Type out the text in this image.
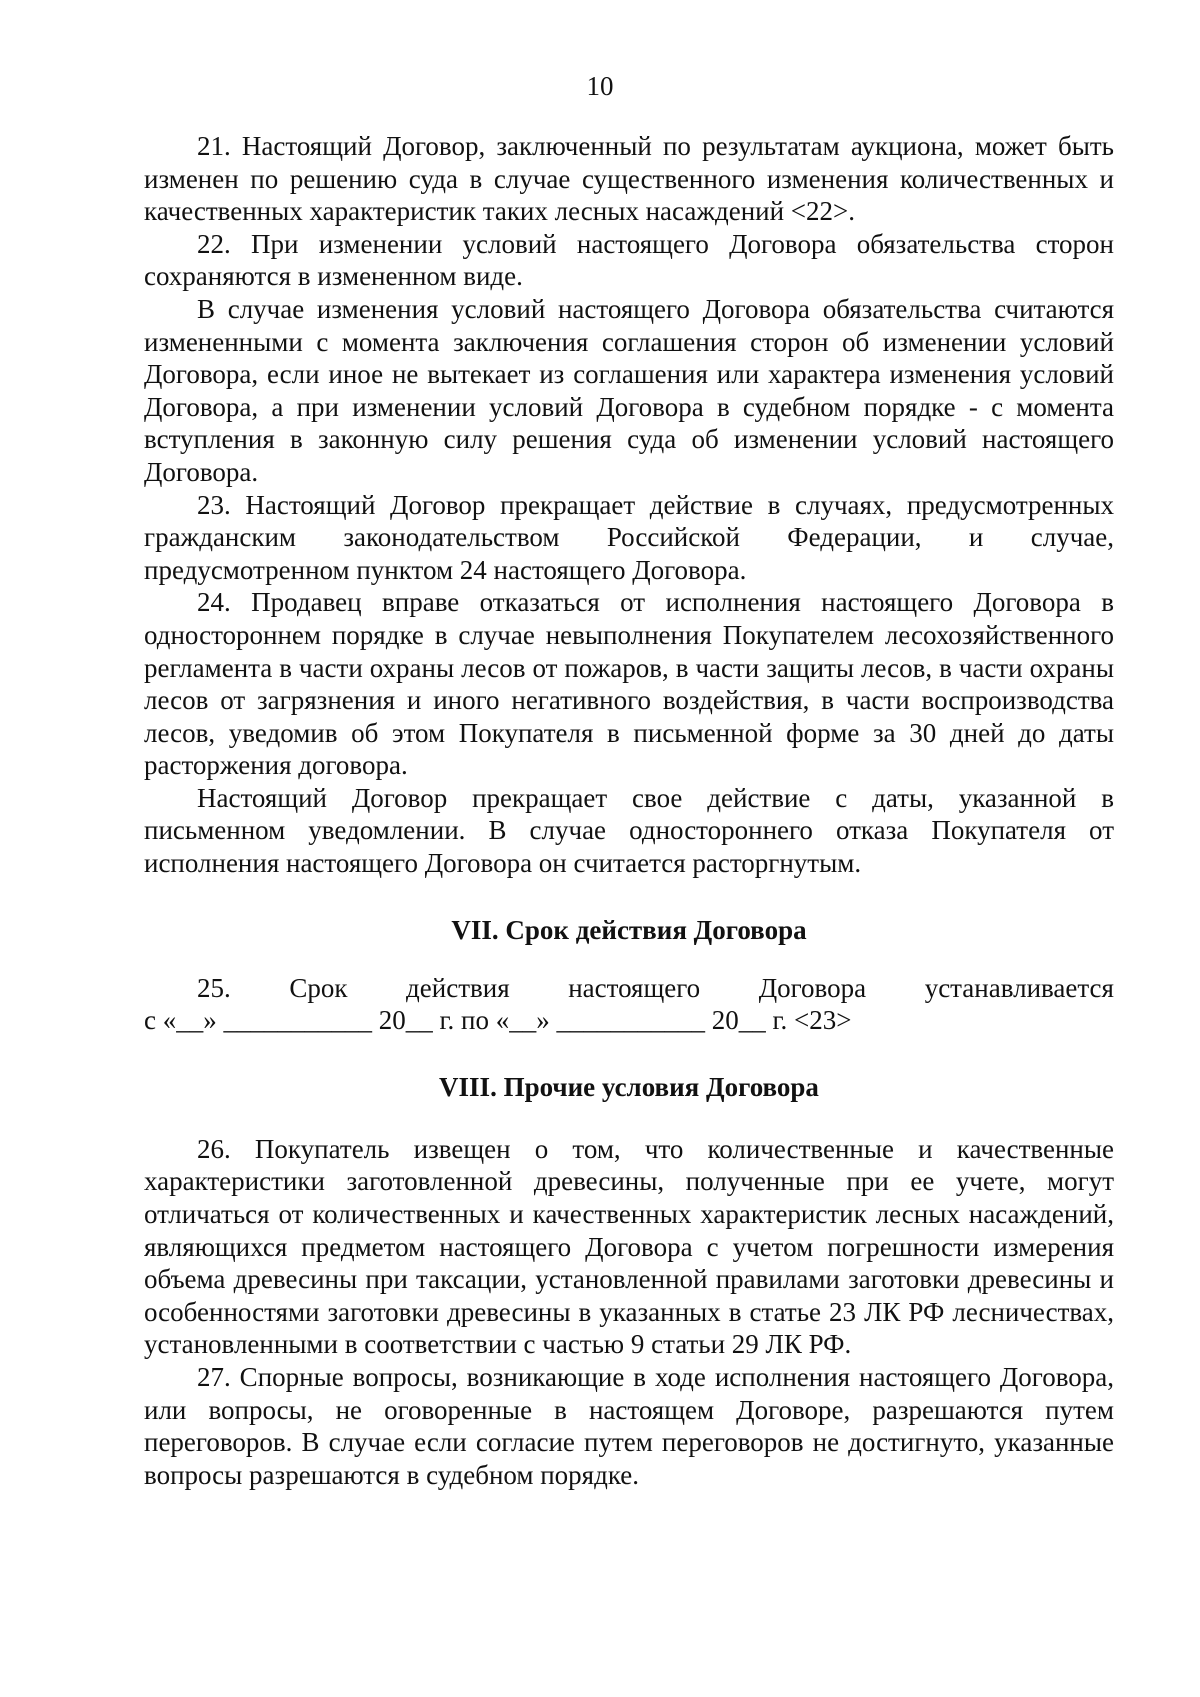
10

21. Настоящий Договор, заключенный по результатам аукциона, может быть изменен по решению суда в случае существенного изменения количественных и качественных характеристик таких лесных насаждений <22>.

22. При изменении условий настоящего Договора обязательства сторон сохраняются в измененном виде.

В случае изменения условий настоящего Договора обязательства считаются измененными с момента заключения соглашения сторон об изменении условий Договора, если иное не вытекает из соглашения или характера изменения условий Договора, а при изменении условий Договора в судебном порядке - с момента вступления в законную силу решения суда об изменении условий настоящего Договора.

23. Настоящий Договор прекращает действие в случаях, предусмотренных гражданским законодательством Российской Федерации, и случае, предусмотренном пунктом 24 настоящего Договора.

24. Продавец вправе отказаться от исполнения настоящего Договора в одностороннем порядке в случае невыполнения Покупателем лесохозяйственного регламента в части охраны лесов от пожаров, в части защиты лесов, в части охраны лесов от загрязнения и иного негативного воздействия, в части воспроизводства лесов, уведомив об этом Покупателя в письменной форме за 30 дней до даты расторжения договора.

Настоящий Договор прекращает свое действие с даты, указанной в письменном уведомлении. В случае одностороннего отказа Покупателя от исполнения настоящего Договора он считается расторгнутым.

VII. Срок действия Договора
25. Срок действия настоящего Договора устанавливается

с «__» ___________ 20__ г. по «__» ___________ 20__ г. <23>

VIII. Прочие условия Договора

26. Покупатель извещен о том, что количественные и качественные характеристики заготовленной древесины, полученные при ее учете, могут отличаться от количественных и качественных характеристик лесных насаждений, являющихся предметом настоящего Договора с учетом погрешности измерения объема древесины при таксации, установленной правилами заготовки древесины и особенностями заготовки древесины в указанных в статье 23 ЛК РФ лесничествах, установленными в соответствии с частью 9 статьи 29 ЛК РФ.

27. Спорные вопросы, возникающие в ходе исполнения настоящего Договора, или вопросы, не оговоренные в настоящем Договоре, разрешаются путем переговоров. В случае если согласие путем переговоров не достигнуто, указанные вопросы разрешаются в судебном порядке.
